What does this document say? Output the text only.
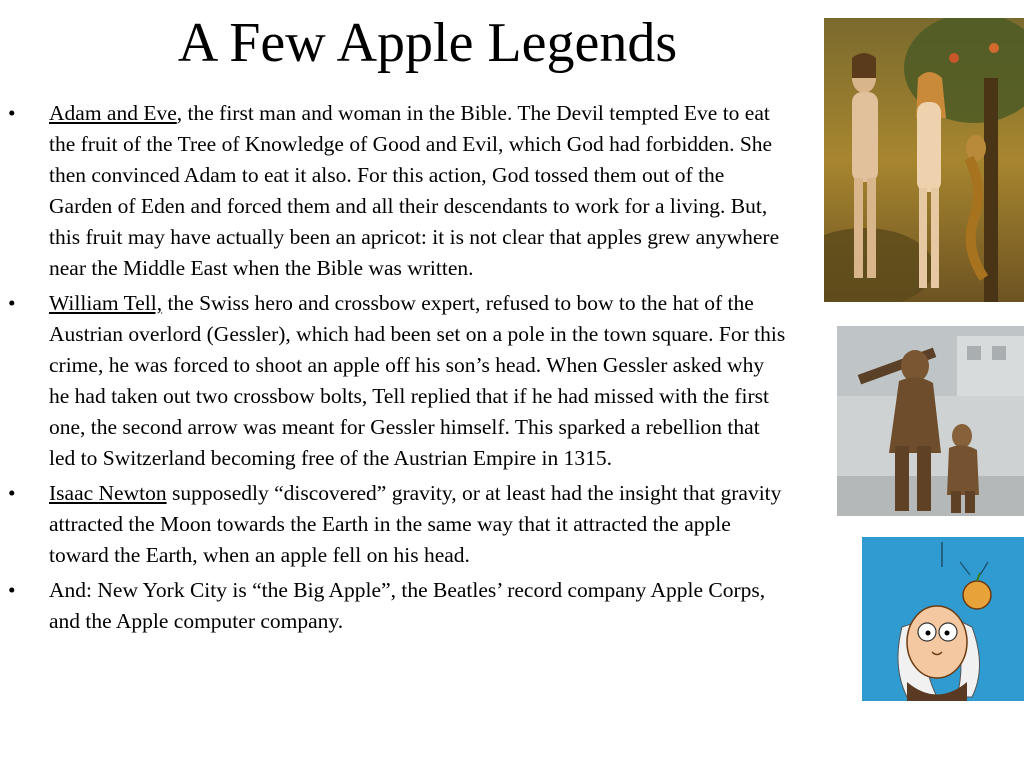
A Few Apple Legends
•	Adam and Eve, the first man and woman in the Bible. The Devil tempted Eve to eat the fruit of the Tree of Knowledge of Good and Evil, which God had forbidden. She then convinced Adam to eat it also. For this action, God tossed them out of the Garden of Eden and forced them and all their descendants to work for a living. But, this fruit may have actually been an apricot: it is not clear that apples grew anywhere near the Middle East when the Bible was written.
•	William Tell, the Swiss hero and crossbow expert, refused to bow to the hat of the Austrian overlord (Gessler), which had been set on a pole in the town square. For this crime, he was forced to shoot an apple off his son’s head. When Gessler asked why he had taken out two crossbow bolts, Tell replied that if he had missed with the first one, the second arrow was meant for Gessler himself. This sparked a rebellion that led to Switzerland becoming free of the Austrian Empire in 1315.
•	Isaac Newton supposedly “discovered” gravity, or at least had the insight that gravity attracted the Moon towards the Earth in the same way that it attracted the apple toward the Earth, when an apple fell on his head.
•	And: New York City is “the Big Apple”, the Beatles’ record company Apple Corps, and the Apple computer company.
